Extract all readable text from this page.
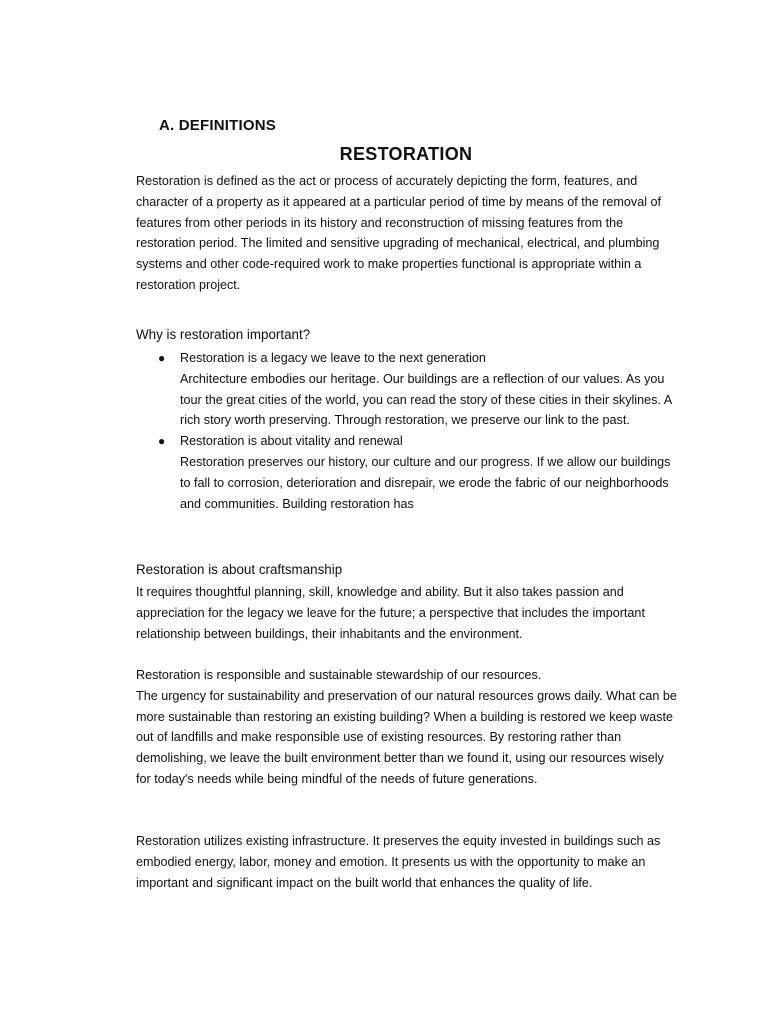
A. DEFINITIONS
RESTORATION

Restoration is defined as the act or process of accurately depicting the form, features, and character of a property as it appeared at a particular period of time by means of the removal of features from other periods in its history and reconstruction of missing features from the restoration period. The limited and sensitive upgrading of mechanical, electrical, and plumbing systems and other code-required work to make properties functional is appropriate within a restoration project.

Why is restoration important?

● Restoration is a legacy we leave to the next generation
Architecture embodies our heritage. Our buildings are a reflection of our values. As you tour the great cities of the world, you can read the story of these cities in their skylines. A rich story worth preserving. Through restoration, we preserve our link to the past.
● Restoration is about vitality and renewal
Restoration preserves our history, our culture and our progress. If we allow our buildings to fall to corrosion, deterioration and disrepair, we erode the fabric of our neighborhoods and communities. Building restoration has

Restoration is about craftsmanship

It requires thoughtful planning, skill, knowledge and ability. But it also takes passion and appreciation for the legacy we leave for the future; a perspective that includes the important relationship between buildings, their inhabitants and the environment.

Restoration is responsible and sustainable stewardship of our resources.
The urgency for sustainability and preservation of our natural resources grows daily. What can be more sustainable than restoring an existing building? When a building is restored we keep waste out of landfills and make responsible use of existing resources. By restoring rather than demolishing, we leave the built environment better than we found it, using our resources wisely for today's needs while being mindful of the needs of future generations.

Restoration utilizes existing infrastructure. It preserves the equity invested in buildings such as embodied energy, labor, money and emotion. It presents us with the opportunity to make an important and significant impact on the built world that enhances the quality of life.
